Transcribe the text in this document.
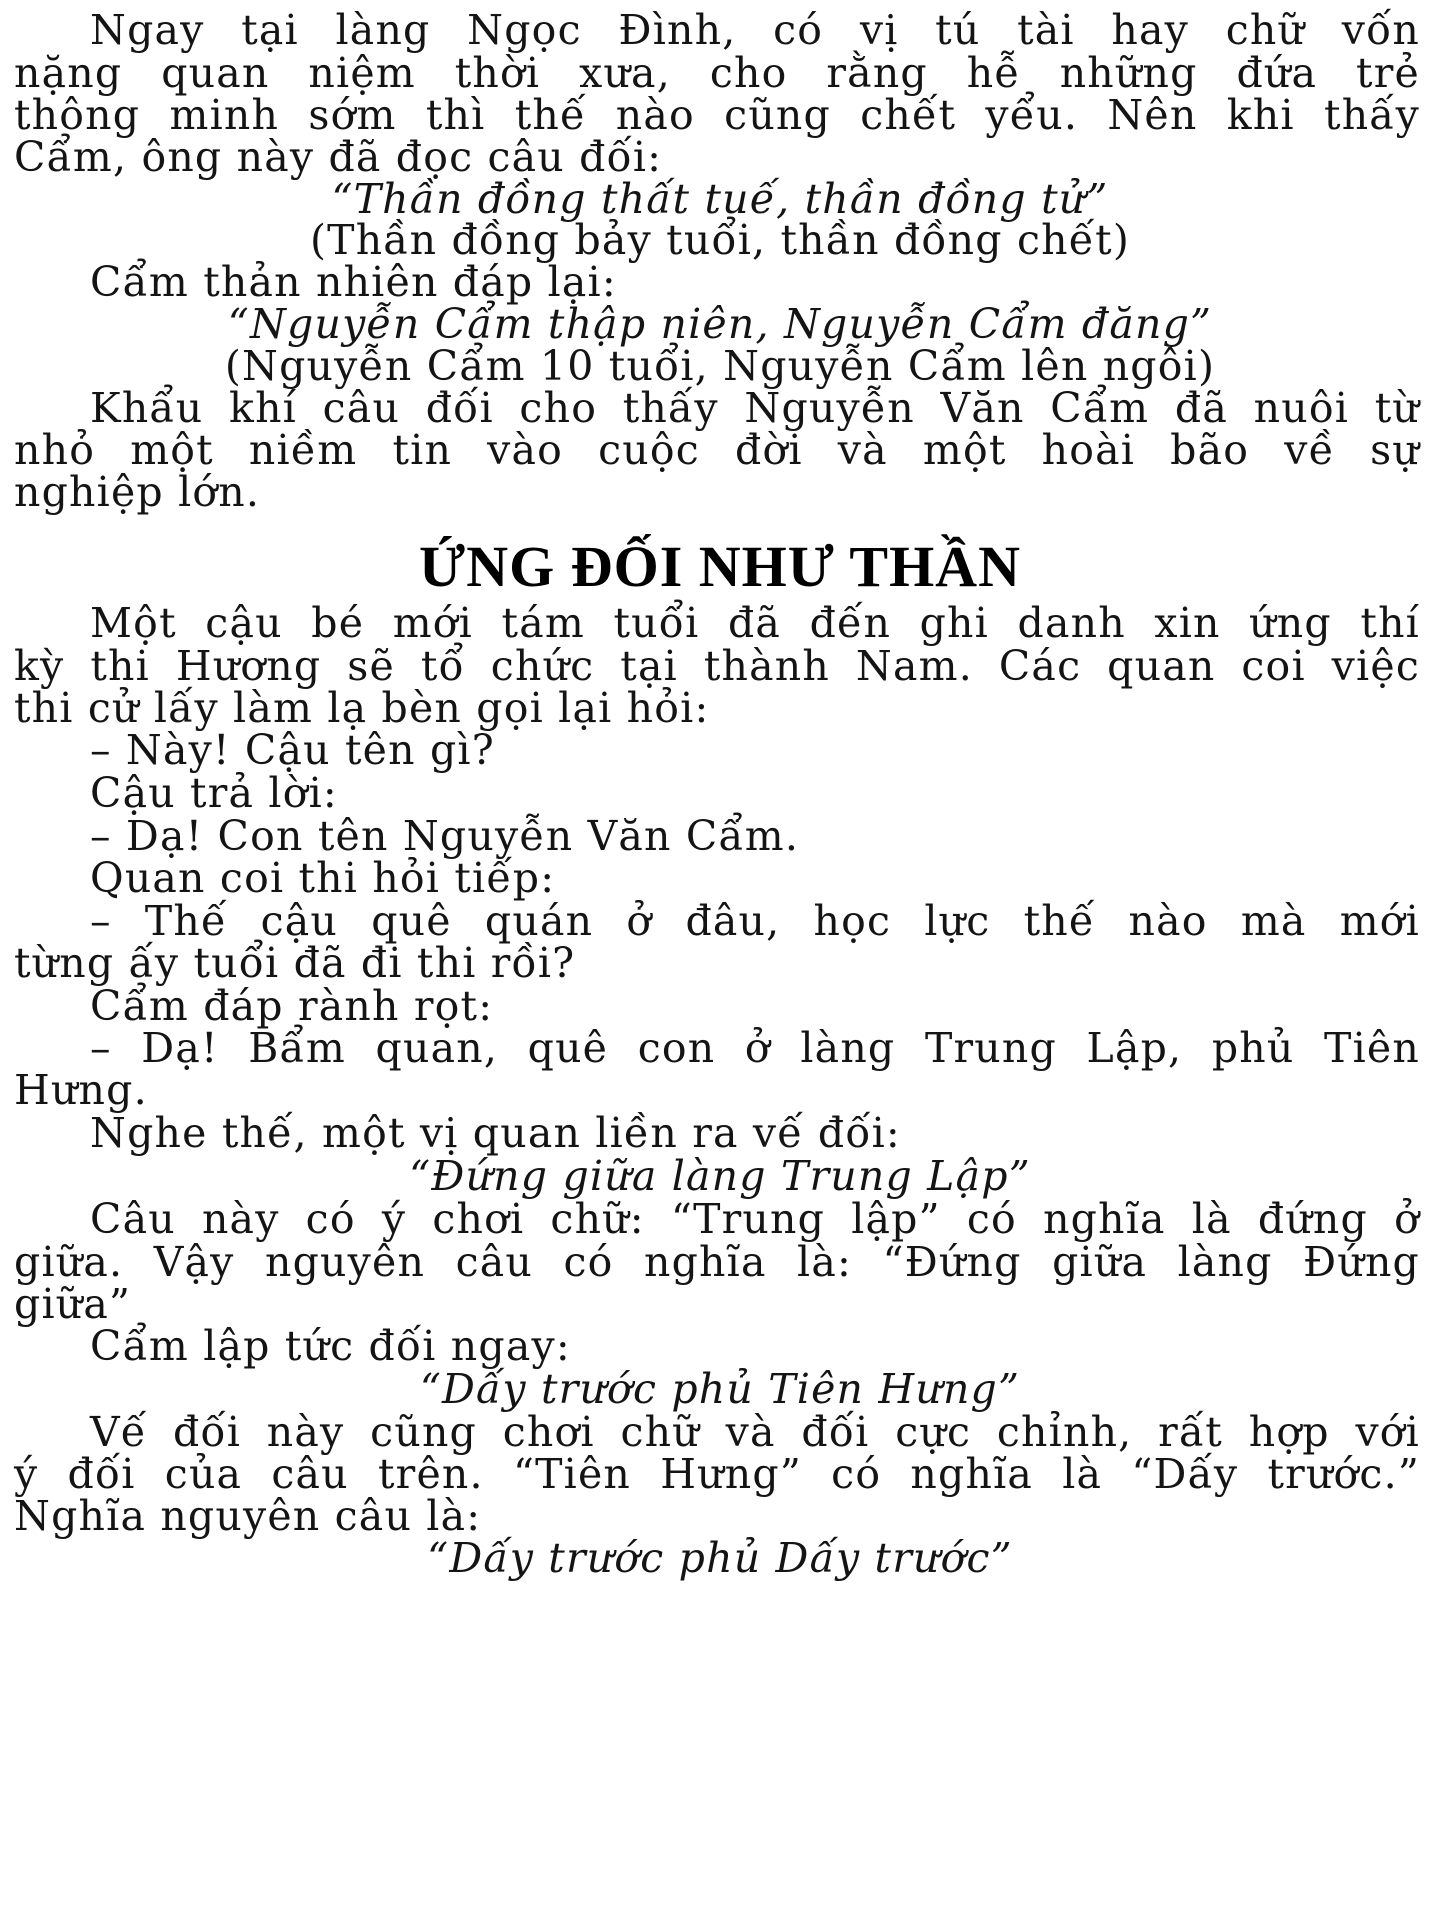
Ngay tại làng Ngọc Đình, có vị tú tài hay chữ vốn
nặng quan niệm thời xưa, cho rằng hễ những đứa trẻ
thông minh sớm thì thế nào cũng chết yểu. Nên khi thấy
Cẩm, ông này đã đọc câu đối:
“Thần đồng thất tuế, thần đồng tử”
(Thần đồng bảy tuổi, thần đồng chết)
Cẩm thản nhiên đáp lại:
“Nguyễn Cẩm thập niên, Nguyễn Cẩm đăng”
(Nguyễn Cẩm 10 tuổi, Nguyễn Cẩm lên ngôi)
Khẩu khí câu đối cho thấy Nguyễn Văn Cẩm đã nuôi từ
nhỏ một niềm tin vào cuộc đời và một hoài bão về sự
nghiệp lớn.
ỨNG ĐỐI NHƯ THẦN
Một cậu bé mới tám tuổi đã đến ghi danh xin ứng thí
kỳ thi Hương sẽ tổ chức tại thành Nam. Các quan coi việc
thi cử lấy làm lạ bèn gọi lại hỏi:
– Này! Cậu tên gì?
Cậu trả lời:
– Dạ! Con tên Nguyễn Văn Cẩm.
Quan coi thi hỏi tiếp:
– Thế cậu quê quán ở đâu, học lực thế nào mà mới
từng ấy tuổi đã đi thi rồi?
Cẩm đáp rành rọt:
– Dạ! Bẩm quan, quê con ở làng Trung Lập, phủ Tiên
Hưng.
Nghe thế, một vị quan liền ra vế đối:
“Đứng giữa làng Trung Lập”
Câu này có ý chơi chữ: “Trung lập” có nghĩa là đứng ở
giữa. Vậy nguyên câu có nghĩa là: “Đứng giữa làng Đứng
giữa”
Cẩm lập tức đối ngay:
“Dấy trước phủ Tiên Hưng”
Vế đối này cũng chơi chữ và đối cực chỉnh, rất hợp với
ý đối của câu trên. “Tiên Hưng” có nghĩa là “Dấy trước.”
Nghĩa nguyên câu là:
“Dấy trước phủ Dấy trước”
